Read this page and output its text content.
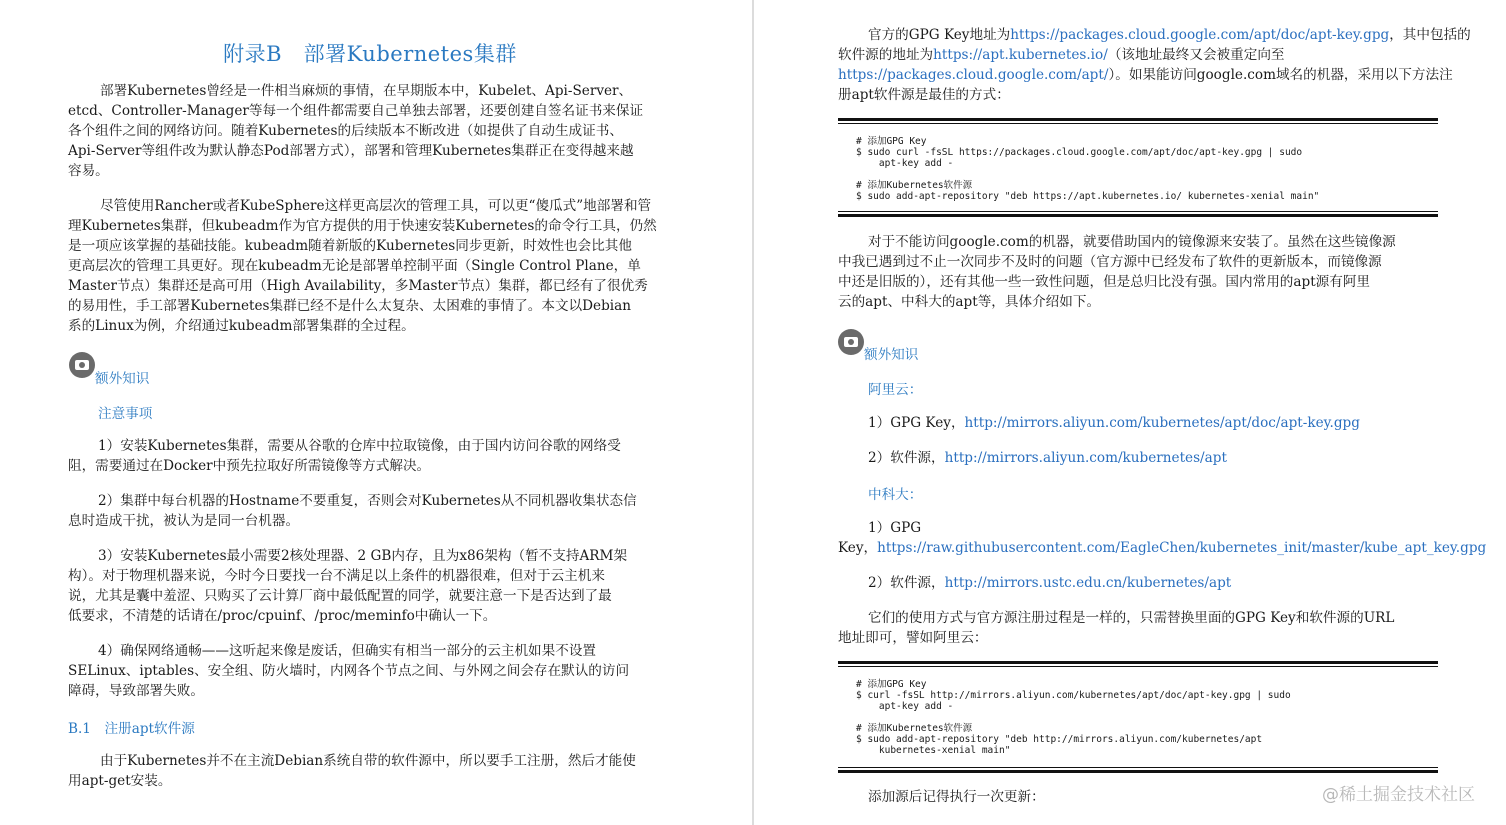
附录B　部署Kubernetes集群

部署Kubernetes曾经是一件相当麻烦的事情，在早期版本中，Kubelet、Api-Server、

etcd、Controller-Manager等每一个组件都需要自己单独去部署，还要创建自签名证书来保证

各个组件之间的网络访问。随着Kubernetes的后续版本不断改进（如提供了自动生成证书、

Api-Server等组件改为默认静态Pod部署方式），部署和管理Kubernetes集群正在变得越来越

容易。

尽管使用Rancher或者KubeSphere这样更高层次的管理工具，可以更“傻瓜式”地部署和管

理Kubernetes集群，但kubeadm作为官方提供的用于快速安装Kubernetes的命令行工具，仍然

是一项应该掌握的基础技能。kubeadm随着新版的Kubernetes同步更新，时效性也会比其他

更高层次的管理工具更好。现在kubeadm无论是部署单控制平面（Single Control Plane，单

Master节点）集群还是高可用（High Availability，多Master节点）集群，都已经有了很优秀

的易用性，手工部署Kubernetes集群已经不是什么太复杂、太困难的事情了。本文以Debian

系的Linux为例，介绍通过kubeadm部署集群的全过程。

额外知识

注意事项

1）安装Kubernetes集群，需要从谷歌的仓库中拉取镜像，由于国内访问谷歌的网络受

阻，需要通过在Docker中预先拉取好所需镜像等方式解决。

2）集群中每台机器的Hostname不要重复，否则会对Kubernetes从不同机器收集状态信

息时造成干扰，被认为是同一台机器。

3）安装Kubernetes最小需要2核处理器、2 GB内存，且为x86架构（暂不支持ARM架

构）。对于物理机器来说，今时今日要找一台不满足以上条件的机器很难，但对于云主机来

说，尤其是囊中羞涩、只购买了云计算厂商中最低配置的同学，就要注意一下是否达到了最

低要求，不清楚的话请在/proc/cpuinf、/proc/meminfo中确认一下。

4）确保网络通畅——这听起来像是废话，但确实有相当一部分的云主机如果不设置

SELinux、iptables、安全组、防火墙时，内网各个节点之间、与外网之间会存在默认的访问

障碍，导致部署失败。

B.1　注册apt软件源

由于Kubernetes并不在主流Debian系统自带的软件源中，所以要手工注册，然后才能使

用apt-get安装。

官方的GPG Key地址为https://packages.cloud.google.com/apt/doc/apt-key.gpg，其中包括的

软件源的地址为https://apt.kubernetes.io/（该地址最终又会被重定向至

https://packages.cloud.google.com/apt/）。如果能访问google.com域名的机器，采用以下方法注

册apt软件源是最佳的方式：

# 添加GPG Key
$ sudo curl -fsSL https://packages.cloud.google.com/apt/doc/apt-key.gpg | sudo
apt-key add -
# 添加Kubernetes软件源
$ sudo add-apt-repository "deb https://apt.kubernetes.io/ kubernetes-xenial main"

对于不能访问google.com的机器，就要借助国内的镜像源来安装了。虽然在这些镜像源

中我已遇到过不止一次同步不及时的问题（官方源中已经发布了软件的更新版本，而镜像源

中还是旧版的），还有其他一些一致性问题，但是总归比没有强。国内常用的apt源有阿里

云的apt、中科大的apt等，具体介绍如下。

额外知识

阿里云：

1）GPG Key，http://mirrors.aliyun.com/kubernetes/apt/doc/apt-key.gpg

2）软件源，http://mirrors.aliyun.com/kubernetes/apt

中科大：

1）GPG

Key，https://raw.githubusercontent.com/EagleChen/kubernetes_init/master/kube_apt_key.gpg

2）软件源，http://mirrors.ustc.edu.cn/kubernetes/apt

它们的使用方式与官方源注册过程是一样的，只需替换里面的GPG Key和软件源的URL

地址即可，譬如阿里云：

# 添加GPG Key
$ curl -fsSL http://mirrors.aliyun.com/kubernetes/apt/doc/apt-key.gpg | sudo
apt-key add -
# 添加Kubernetes软件源
$ sudo add-apt-repository "deb http://mirrors.aliyun.com/kubernetes/apt
kubernetes-xenial main"

添加源后记得执行一次更新：	@稀土掘金技术社区
